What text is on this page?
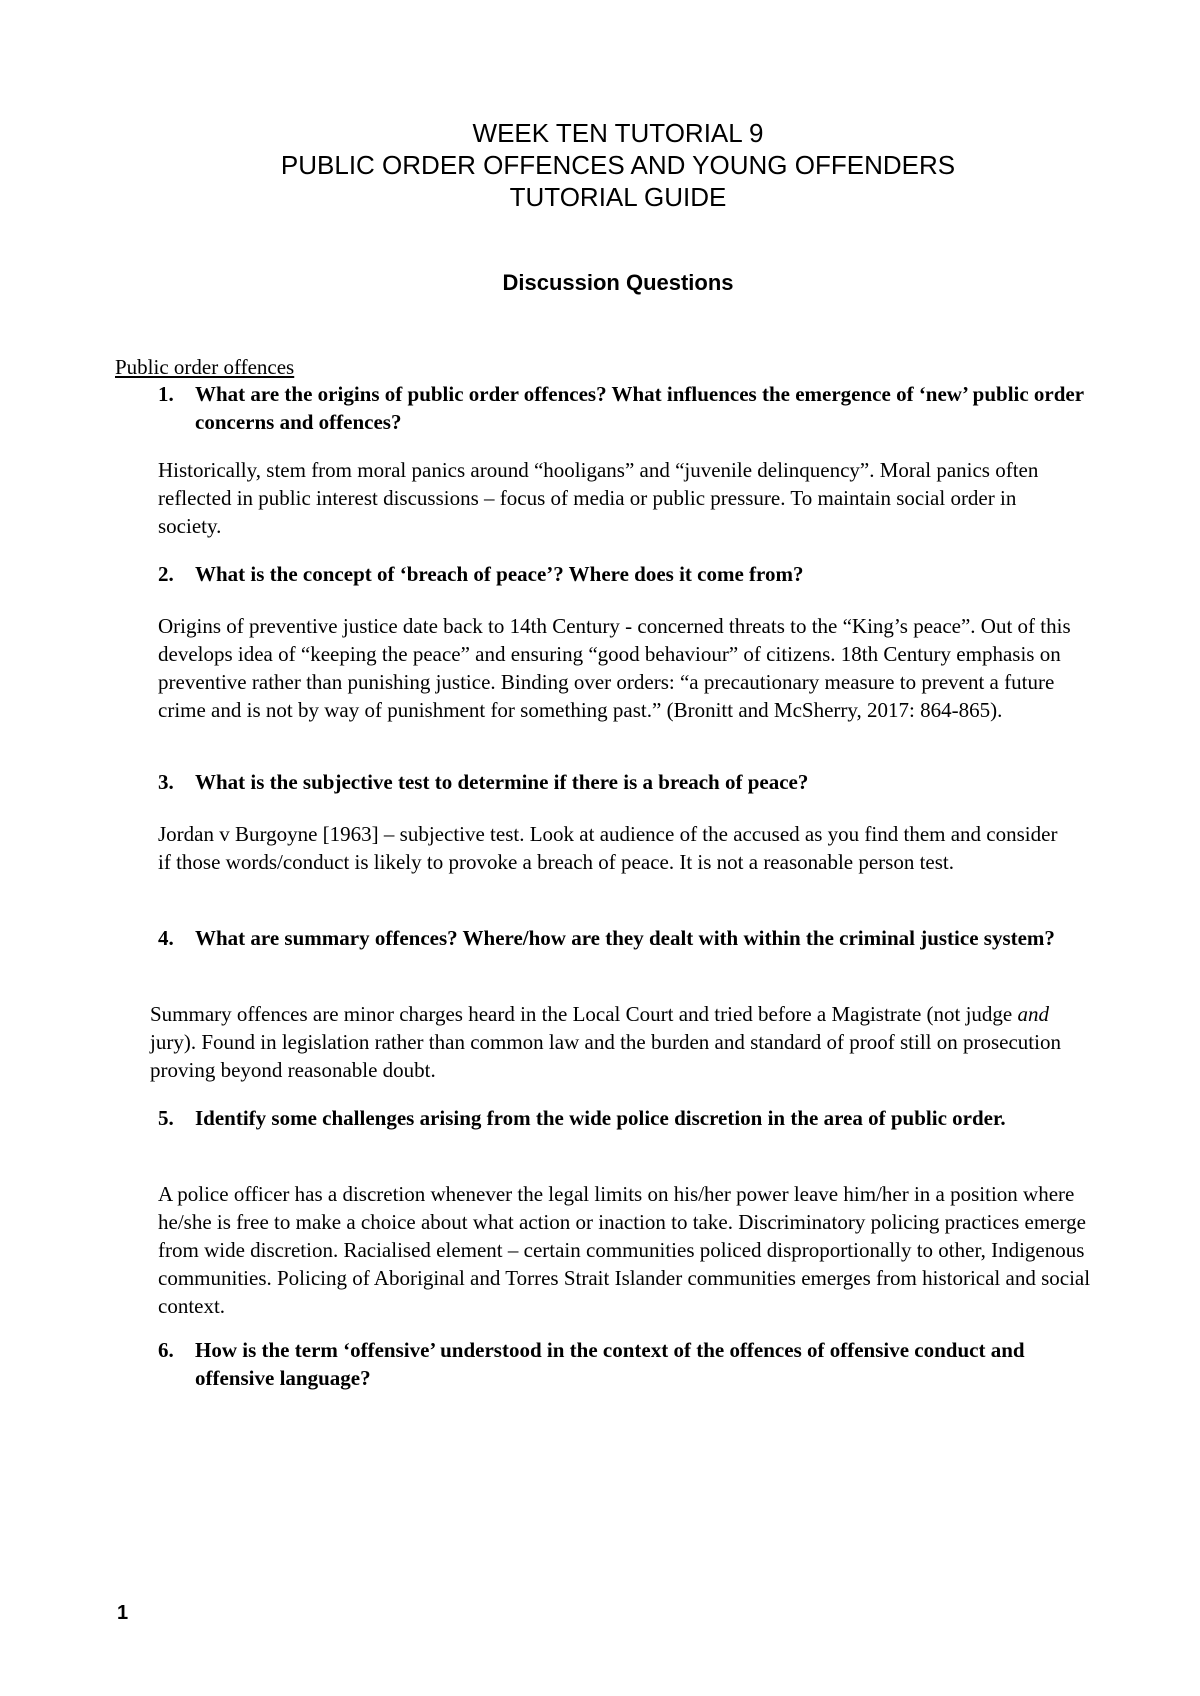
WEEK TEN TUTORIAL 9
PUBLIC ORDER OFFENCES AND YOUNG OFFENDERS
TUTORIAL GUIDE
Discussion Questions
Public order offences
1.	What are the origins of public order offences? What influences the emergence of ‘new’ public order concerns and offences?

Historically, stem from moral panics around “hooligans” and “juvenile delinquency”. Moral panics often reflected in public interest discussions – focus of media or public pressure. To maintain social order in society.

2.	What is the concept of ‘breach of peace’? Where does it come from?

Origins of preventive justice date back to 14th Century - concerned threats to the “King’s peace”. Out of this develops idea of “keeping the peace” and ensuring “good behaviour” of citizens. 18th Century emphasis on preventive rather than punishing justice. Binding over orders: “a precautionary measure to prevent a future crime and is not by way of punishment for something past.” (Bronitt and McSherry, 2017: 864-865).

3.	What is the subjective test to determine if there is a breach of peace?

Jordan v Burgoyne [1963] – subjective test. Look at audience of the accused as you find them and consider if those words/conduct is likely to provoke a breach of peace. It is not a reasonable person test.

4.	What are summary offences? Where/how are they dealt with within the criminal justice system?

Summary offences are minor charges heard in the Local Court and tried before a Magistrate (not judge and jury). Found in legislation rather than common law and the burden and standard of proof still on prosecution proving beyond reasonable doubt.

5.	Identify some challenges arising from the wide police discretion in the area of public order.

A police officer has a discretion whenever the legal limits on his/her power leave him/her in a position where he/she is free to make a choice about what action or inaction to take. Discriminatory policing practices emerge from wide discretion. Racialised element – certain communities policed disproportionally to other, Indigenous communities. Policing of Aboriginal and Torres Strait Islander communities emerges from historical and social context.

6.	How is the term ‘offensive’ understood in the context of the offences of offensive conduct and offensive language?
1
